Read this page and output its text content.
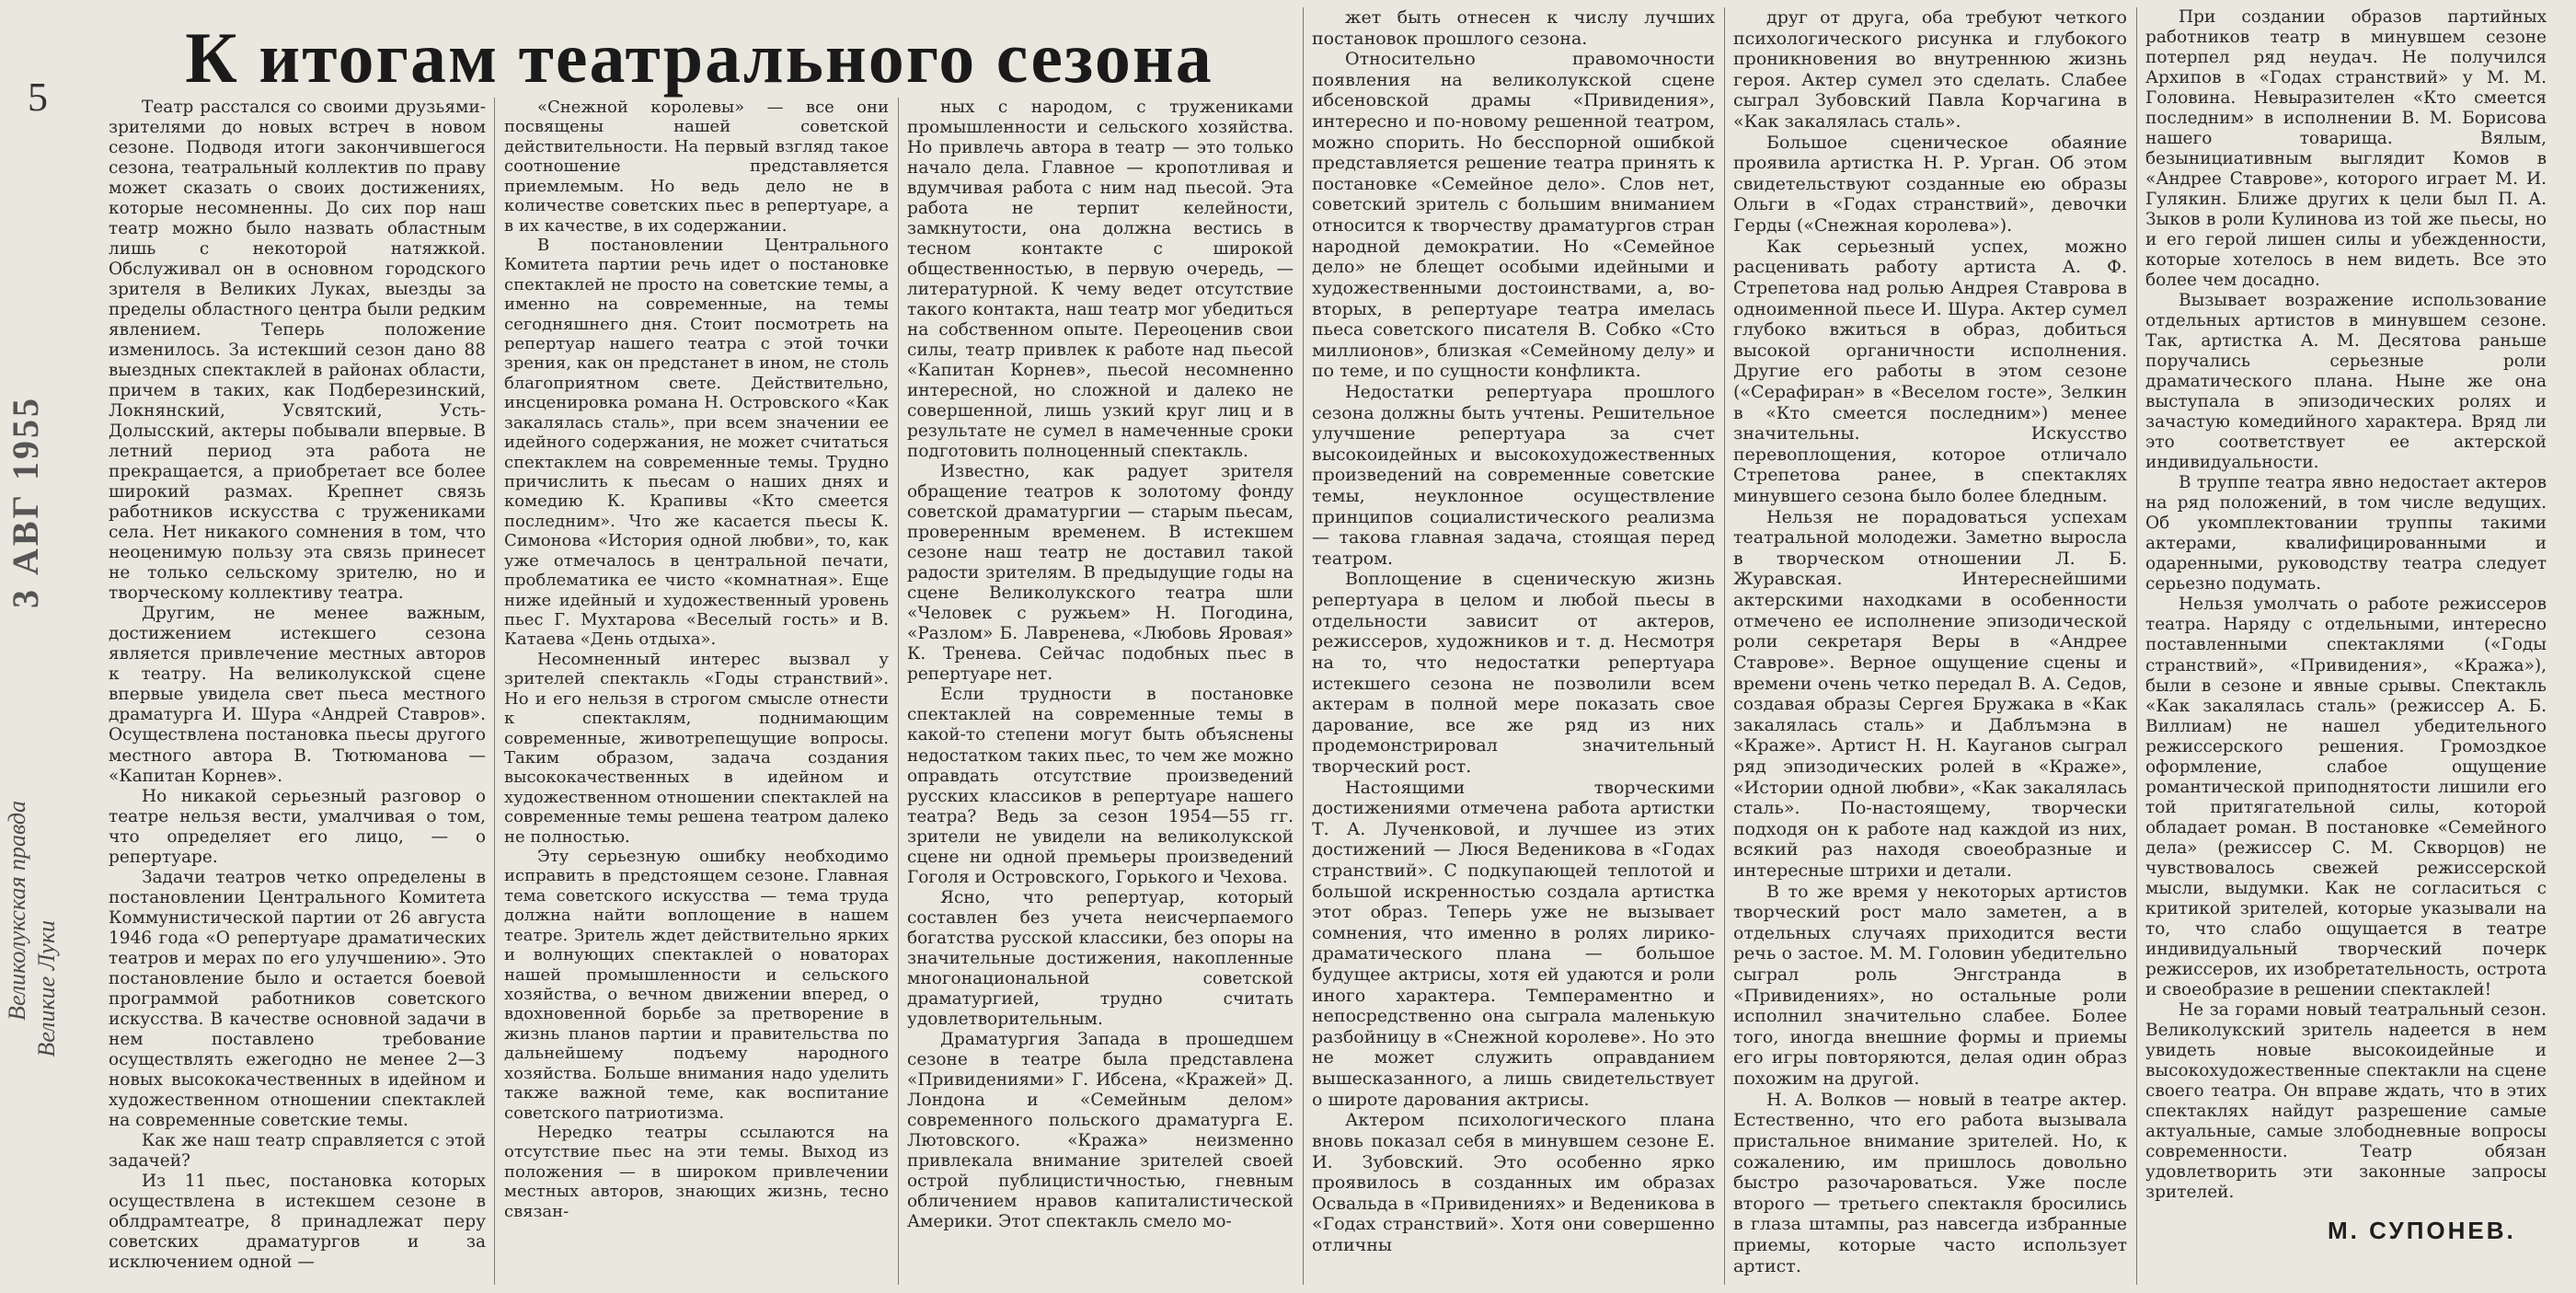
5
3 АВГ 1955
Великолукская правда Великие Луки
К итогам театрального сезона

Театр расстался со своими друзьями-зрителями до новых встреч в новом сезоне. Подводя итоги закончившегося сезона, театральный коллектив по праву может сказать о своих достижениях, которые несомненны. До сих пор наш театр можно было назвать областным лишь с некоторой натяжкой. Обслуживал он в основном городского зрителя в Великих Луках, выезды за пределы областного центра были редким явлением. Теперь положение изменилось. За истекший сезон дано 88 выездных спектаклей в районах области, причем в таких, как Подберезинский, Локнянский, Усвятский, Усть-Долысский, актеры побывали впервые. В летний период эта работа не прекращается, а приобретает все более широкий размах. Крепнет связь работников искусства с тружениками села. Нет никакого сомнения в том, что неоценимую пользу эта связь принесет не только сельскому зрителю, но и творческому коллективу театра.

Другим, не менее важным, достижением истекшего сезона является привлечение местных авторов к театру. На великолукской сцене впервые увидела свет пьеса местного драматурга И. Шура «Андрей Ставров». Осуществлена постановка пьесы другого местного автора В. Тютюманова — «Капитан Корнев».

Но никакой серьезный разговор о театре нельзя вести, умалчивая о том, что определяет его лицо, — о репертуаре.

Задачи театров четко определены в постановлении Центрального Комитета Коммунистической партии от 26 августа 1946 года «О репертуаре драматических театров и мерах по его улучшению». Это постановление было и остается боевой программой работников советского искусства. В качестве основной задачи в нем поставлено требование осуществлять ежегодно не менее 2—3 новых высококачественных в идейном и художественном отношении спектаклей на современные советские темы.

Как же наш театр справляется с этой задачей?

Из 11 пьес, постановка которых осуществлена в истекшем сезоне в облдрамтеатре, 8 принадлежат перу советских драматургов и за исключением одной —

«Снежной королевы» — все они посвящены нашей советской действительности. На первый взгляд такое соотношение представляется приемлемым. Но ведь дело не в количестве советских пьес в репертуаре, а в их качестве, в их содержании.

В постановлении Центрального Комитета партии речь идет о постановке спектаклей не просто на советские темы, а именно на современные, на темы сегодняшнего дня. Стоит посмотреть на репертуар нашего театра с этой точки зрения, как он предстанет в ином, не столь благоприятном свете. Действительно, инсценировка романа Н. Островского «Как закалялась сталь», при всем значении ее идейного содержания, не может считаться спектаклем на современные темы. Трудно причислить к пьесам о наших днях и комедию К. Крапивы «Кто смеется последним». Что же касается пьесы К. Симонова «История одной любви», то, как уже отмечалось в центральной печати, проблематика ее чисто «комнатная». Еще ниже идейный и художественный уровень пьес Г. Мухтарова «Веселый гость» и В. Катаева «День отдыха».

Несомненный интерес вызвал у зрителей спектакль «Годы странствий». Но и его нельзя в строгом смысле отнести к спектаклям, поднимающим современные, животрепещущие вопросы. Таким образом, задача создания высококачественных в идейном и художественном отношении спектаклей на современные темы решена театром далеко не полностью.

Эту серьезную ошибку необходимо исправить в предстоящем сезоне. Главная тема советского искусства — тема труда должна найти воплощение в нашем театре. Зритель ждет действительно ярких и волнующих спектаклей о новаторах нашей промышленности и сельского хозяйства, о вечном движении вперед, о вдохновенной борьбе за претворение в жизнь планов партии и правительства по дальнейшему подъему народного хозяйства. Больше внимания надо уделить также важной теме, как воспитание советского патриотизма.

Нередко театры ссылаются на отсутствие пьес на эти темы. Выход из положения — в широком привлечении местных авторов, знающих жизнь, тесно связан-

ных с народом, с тружениками промышленности и сельского хозяйства. Но привлечь автора в театр — это только начало дела. Главное — кропотливая и вдумчивая работа с ним над пьесой. Эта работа не терпит келейности, замкнутости, она должна вестись в тесном контакте с широкой общественностью, в первую очередь, — литературной. К чему ведет отсутствие такого контакта, наш театр мог убедиться на собственном опыте. Переоценив свои силы, театр привлек к работе над пьесой «Капитан Корнев», пьесой несомненно интересной, но сложной и далеко не совершенной, лишь узкий круг лиц и в результате не сумел в намеченные сроки подготовить полноценный спектакль.

Известно, как радует зрителя обращение театров к золотому фонду советской драматургии — старым пьесам, проверенным временем. В истекшем сезоне наш театр не доставил такой радости зрителям. В предыдущие годы на сцене Великолукского театра шли «Человек с ружьем» Н. Погодина, «Разлом» Б. Лавренева, «Любовь Яровая» К. Тренева. Сейчас подобных пьес в репертуаре нет.

Если трудности в постановке спектаклей на современные темы в какой-то степени могут быть объяснены недостатком таких пьес, то чем же можно оправдать отсутствие произведений русских классиков в репертуаре нашего театра? Ведь за сезон 1954—55 гг. зрители не увидели на великолукской сцене ни одной премьеры произведений Гоголя и Островского, Горького и Чехова.

Ясно, что репертуар, который составлен без учета неисчерпаемого богатства русской классики, без опоры на значительные достижения, накопленные многонациональной советской драматургией, трудно считать удовлетворительным.

Драматургия Запада в прошедшем сезоне в театре была представлена «Привидениями» Г. Ибсена, «Кражей» Д. Лондона и «Семейным делом» современного польского драматурга Е. Лютовского. «Кража» неизменно привлекала внимание зрителей своей острой публицистичностью, гневным обличением нравов капиталистической Америки. Этот спектакль смело мо-

жет быть отнесен к числу лучших постановок прошлого сезона.

Относительно правомочности появления на великолукской сцене ибсеновской драмы «Привидения», интересно и по-новому решенной театром, можно спорить. Но бесспорной ошибкой представляется решение театра принять к постановке «Семейное дело». Слов нет, советский зритель с большим вниманием относится к творчеству драматургов стран народной демократии. Но «Семейное дело» не блещет особыми идейными и художественными достоинствами, а, во-вторых, в репертуаре театра имелась пьеса советского писателя В. Собко «Сто миллионов», близкая «Семейному делу» и по теме, и по сущности конфликта.

Недостатки репертуара прошлого сезона должны быть учтены. Решительное улучшение репертуара за счет высокоидейных и высокохудожественных произведений на современные советские темы, неуклонное осуществление принципов социалистического реализма — такова главная задача, стоящая перед театром.

Воплощение в сценическую жизнь репертуара в целом и любой пьесы в отдельности зависит от актеров, режиссеров, художников и т. д. Несмотря на то, что недостатки репертуара истекшего сезона не позволили всем актерам в полной мере показать свое дарование, все же ряд из них продемонстрировал значительный творческий рост.

Настоящими творческими достижениями отмечена работа артистки Т. А. Лученковой, и лучшее из этих достижений — Люся Веденикова в «Годах странствий». С подкупающей теплотой и большой искренностью создала артистка этот образ. Теперь уже не вызывает сомнения, что именно в ролях лирико-драматического плана — большое будущее актрисы, хотя ей удаются и роли иного характера. Темпераментно и непосредственно она сыграла маленькую разбойницу в «Снежной королеве». Но это не может служить оправданием вышесказанного, а лишь свидетельствует о широте дарования актрисы.

Актером психологического плана вновь показал себя в минувшем сезоне Е. И. Зубовский. Это особенно ярко проявилось в созданных им образах Освальда в «Привидениях» и Веденикова в «Годах странствий». Хотя они совершенно отличны

друг от друга, оба требуют четкого психологического рисунка и глубокого проникновения во внутреннюю жизнь героя. Актер сумел это сделать. Слабее сыграл Зубовский Павла Корчагина в «Как закалялась сталь».

Большое сценическое обаяние проявила артистка Н. Р. Урган. Об этом свидетельствуют созданные ею образы Ольги в «Годах странствий», девочки Герды («Снежная королева»).

Как серьезный успех, можно расценивать работу артиста А. Ф. Стрепетова над ролью Андрея Ставрова в одноименной пьесе И. Шура. Актер сумел глубоко вжиться в образ, добиться высокой органичности исполнения. Другие его работы в этом сезоне («Серафиран» в «Веселом госте», Зелкин в «Кто смеется последним») менее значительны. Искусство перевоплощения, которое отличало Стрепетова ранее, в спектаклях минувшего сезона было более бледным.

Нельзя не порадоваться успехам театральной молодежи. Заметно выросла в творческом отношении Л. Б. Журавская. Интереснейшими актерскими находками в особенности отмечено ее исполнение эпизодической роли секретаря Веры в «Андрее Ставрове». Верное ощущение сцены и времени очень четко передал В. А. Седов, создавая образы Сергея Бружака в «Как закалялась сталь» и Даблъмэна в «Краже». Артист Н. Н. Кауганов сыграл ряд эпизодических ролей в «Краже», «Истории одной любви», «Как закалялась сталь». По-настоящему, творчески подходя он к работе над каждой из них, всякий раз находя своеобразные и интересные штрихи и детали.

В то же время у некоторых артистов творческий рост мало заметен, а в отдельных случаях приходится вести речь о застое. М. М. Головин убедительно сыграл роль Энгстранда в «Привидениях», но остальные роли исполнил значительно слабее. Более того, иногда внешние формы и приемы его игры повторяются, делая один образ похожим на другой.

Н. А. Волков — новый в театре актер. Естественно, что его работа вызывала пристальное внимание зрителей. Но, к сожалению, им пришлось довольно быстро разочароваться. Уже после второго — третьего спектакля бросились в глаза штампы, раз навсегда избранные приемы, которые часто использует артист.

При создании образов партийных работников театр в минувшем сезоне потерпел ряд неудач. Не получился Архипов в «Годах странствий» у М. М. Головина. Невыразителен «Кто смеется последним» в исполнении В. М. Борисова нашего товарища. Вялым, безынициативным выглядит Комов в «Андрее Ставрове», которого играет М. И. Гулякин. Ближе других к цели был П. А. Зыков в роли Кулинова из той же пьесы, но и его герой лишен силы и убежденности, которые хотелось в нем видеть. Все это более чем досадно.

Вызывает возражение использование отдельных артистов в минувшем сезоне. Так, артистка А. М. Десятова раньше поручались серьезные роли драматического плана. Ныне же она выступала в эпизодических ролях и зачастую комедийного характера. Вряд ли это соответствует ее актерской индивидуальности.

В труппе театра явно недостает актеров на ряд положений, в том числе ведущих. Об укомплектовании труппы такими актерами, квалифицированными и одаренными, руководству театра следует серьезно подумать.

Нельзя умолчать о работе режиссеров театра. Наряду с отдельными, интересно поставленными спектаклями («Годы странствий», «Привидения», «Кража»), были в сезоне и явные срывы. Спектакль «Как закалялась сталь» (режиссер А. Б. Виллиам) не нашел убедительного режиссерского решения. Громоздкое оформление, слабое ощущение романтической приподнятости лишили его той притягательной силы, которой обладает роман. В постановке «Семейного дела» (режиссер С. М. Скворцов) не чувствовалось свежей режиссерской мысли, выдумки. Как не согласиться с критикой зрителей, которые указывали на то, что слабо ощущается в театре индивидуальный творческий почерк режиссеров, их изобретательность, острота и своеобразие в решении спектаклей!

Не за горами новый театральный сезон. Великолукский зритель надеется в нем увидеть новые высокоидейные и высокохудожественные спектакли на сцене своего театра. Он вправе ждать, что в этих спектаклях найдут разрешение самые актуальные, самые злободневные вопросы современности. Театр обязан удовлетворить эти законные запросы зрителей.

М. СУПОНЕВ.
